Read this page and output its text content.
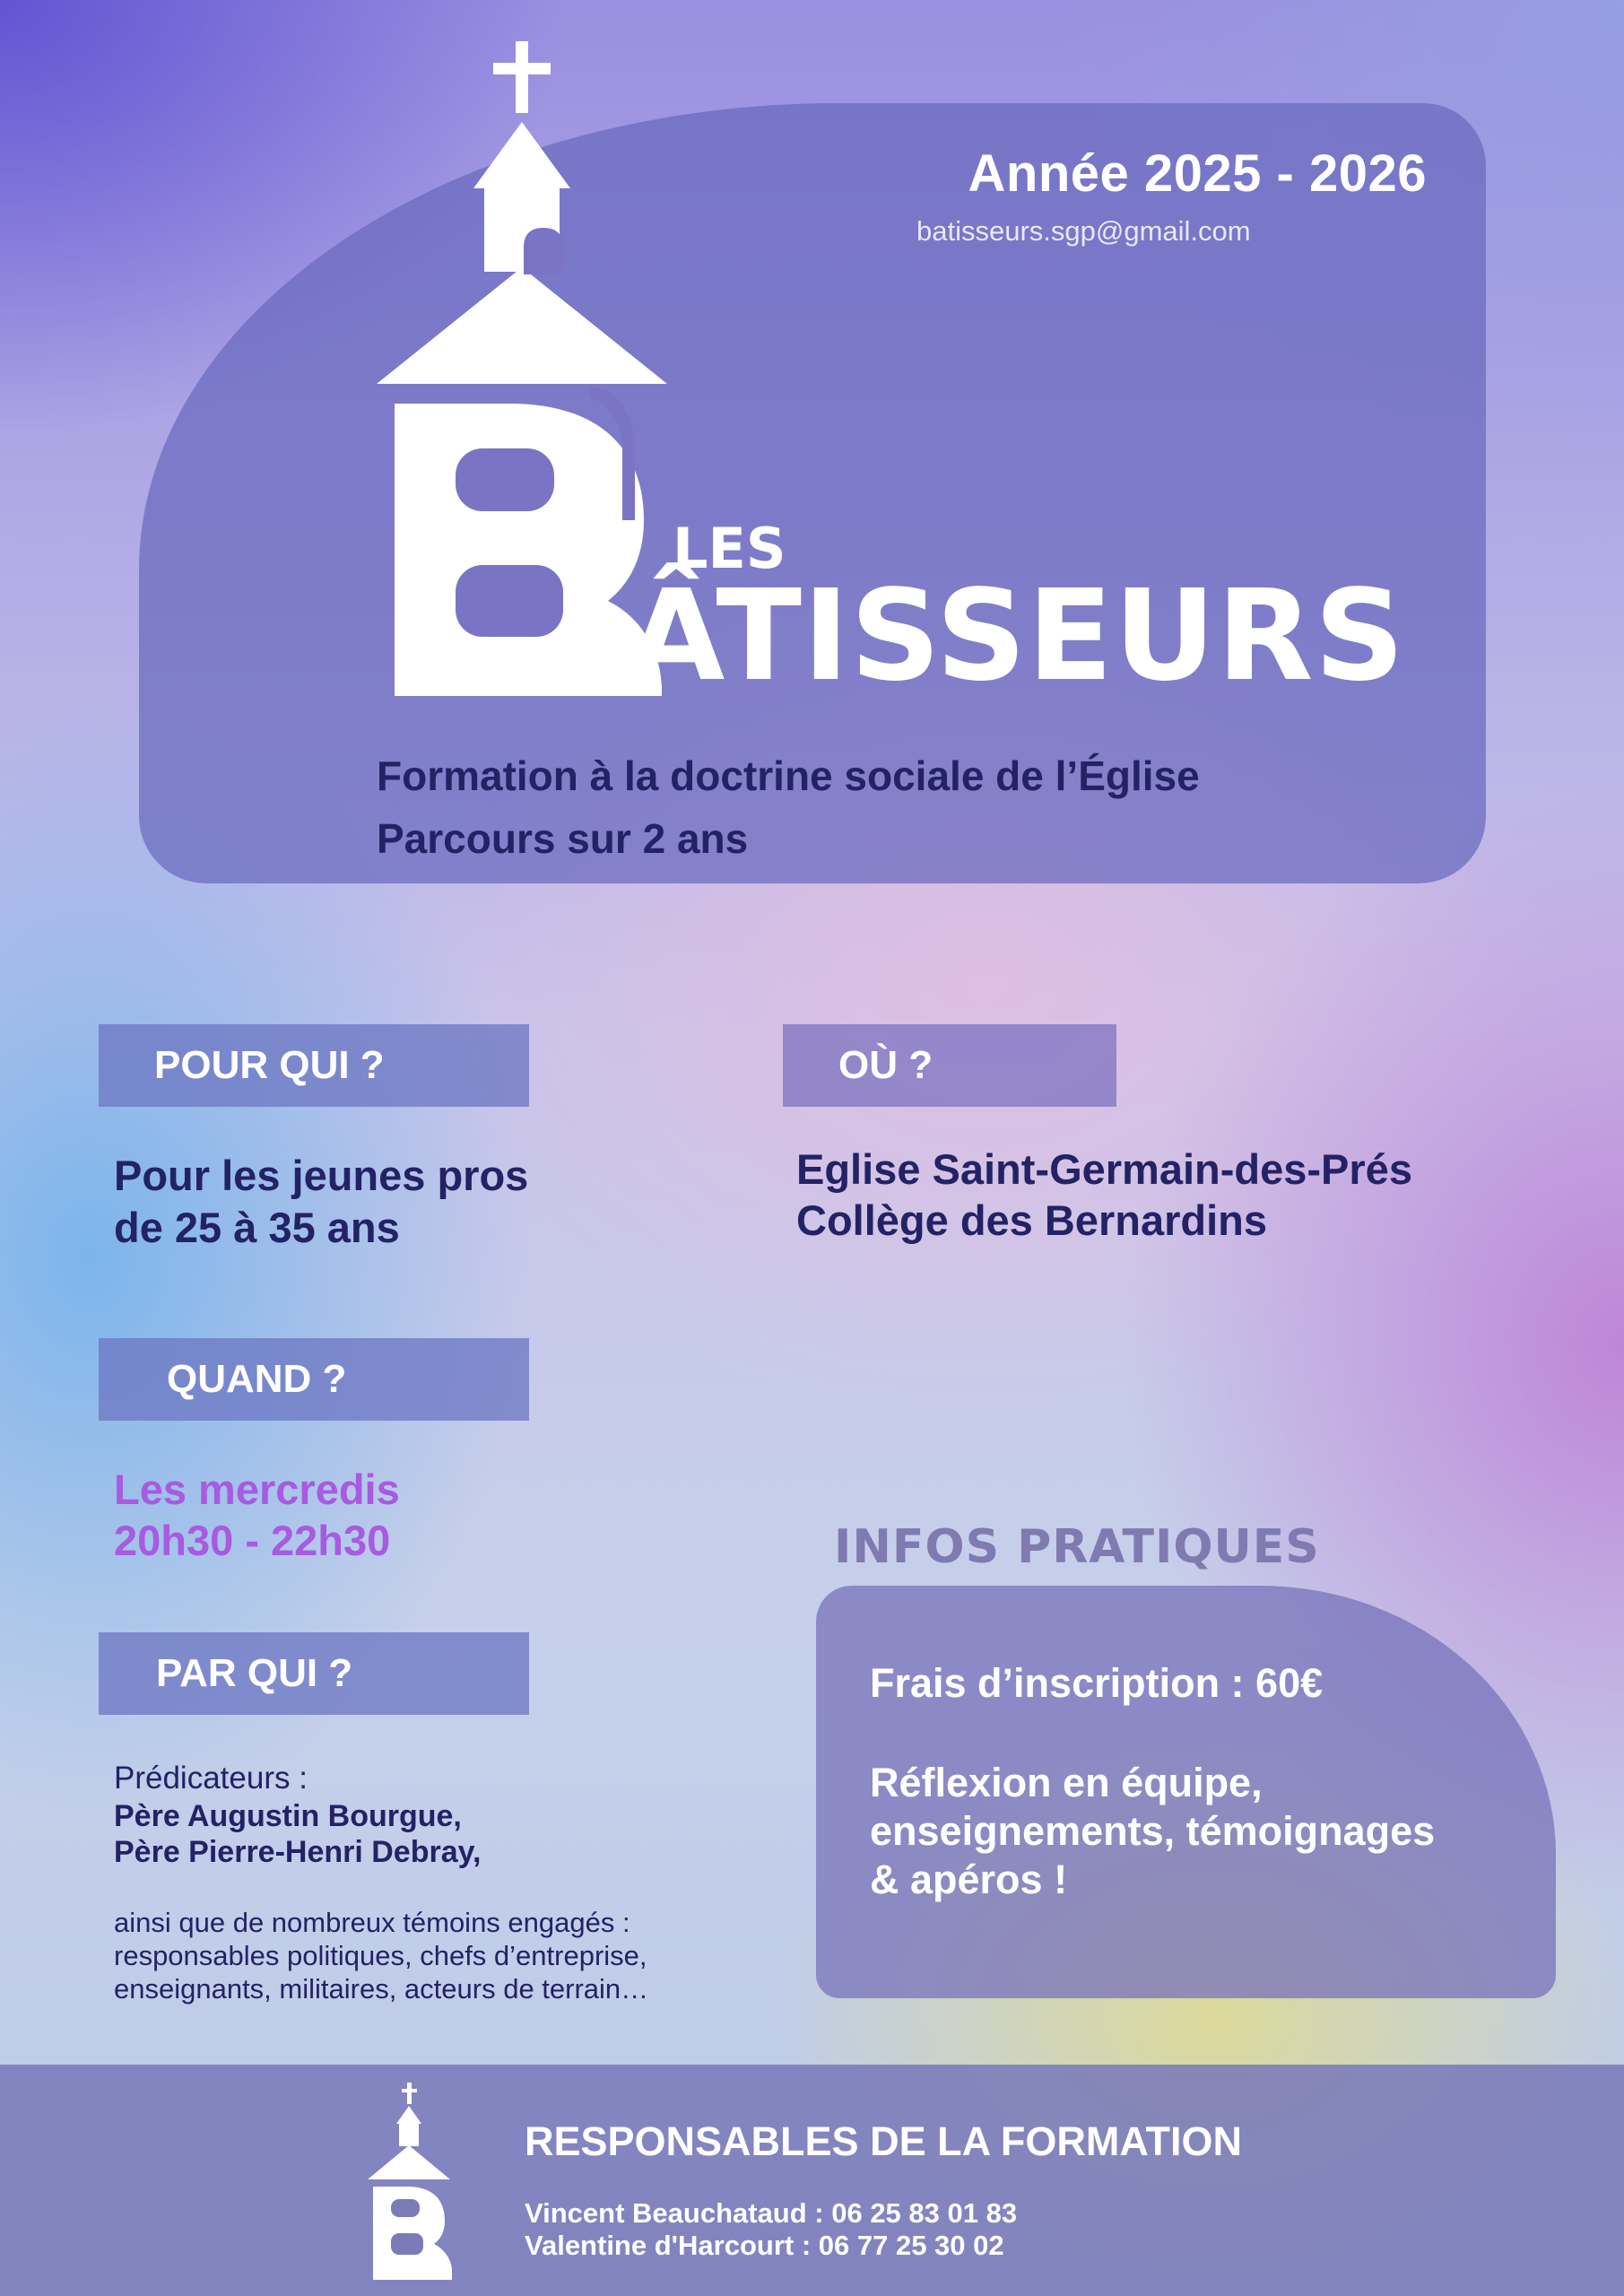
Année 2025 - 2026
batisseurs.sgp@gmail.com
LES
ÂTISSEURS
Formation à la doctrine sociale de l’Église
Parcours sur 2 ans
POUR QUI ?
Pour les jeunes pros
de 25 à 35 ans
OÙ ?
Eglise Saint-Germain-des-Prés
Collège des Bernardins
QUAND ?
Les mercredis
20h30 - 22h30
PAR QUI ?
Prédicateurs :
Père Augustin Bourgue,
Père Pierre-Henri Debray,
ainsi que de nombreux témoins engagés :
responsables politiques, chefs d’entreprise,
enseignants, militaires, acteurs de terrain…
INFOS PRATIQUES
Frais d’inscription : 60€
Réflexion en équipe,
enseignements, témoignages
& apéros !
RESPONSABLES DE LA FORMATION
Vincent Beauchataud : 06 25 83 01 83
Valentine d'Harcourt : 06 77 25 30 02
